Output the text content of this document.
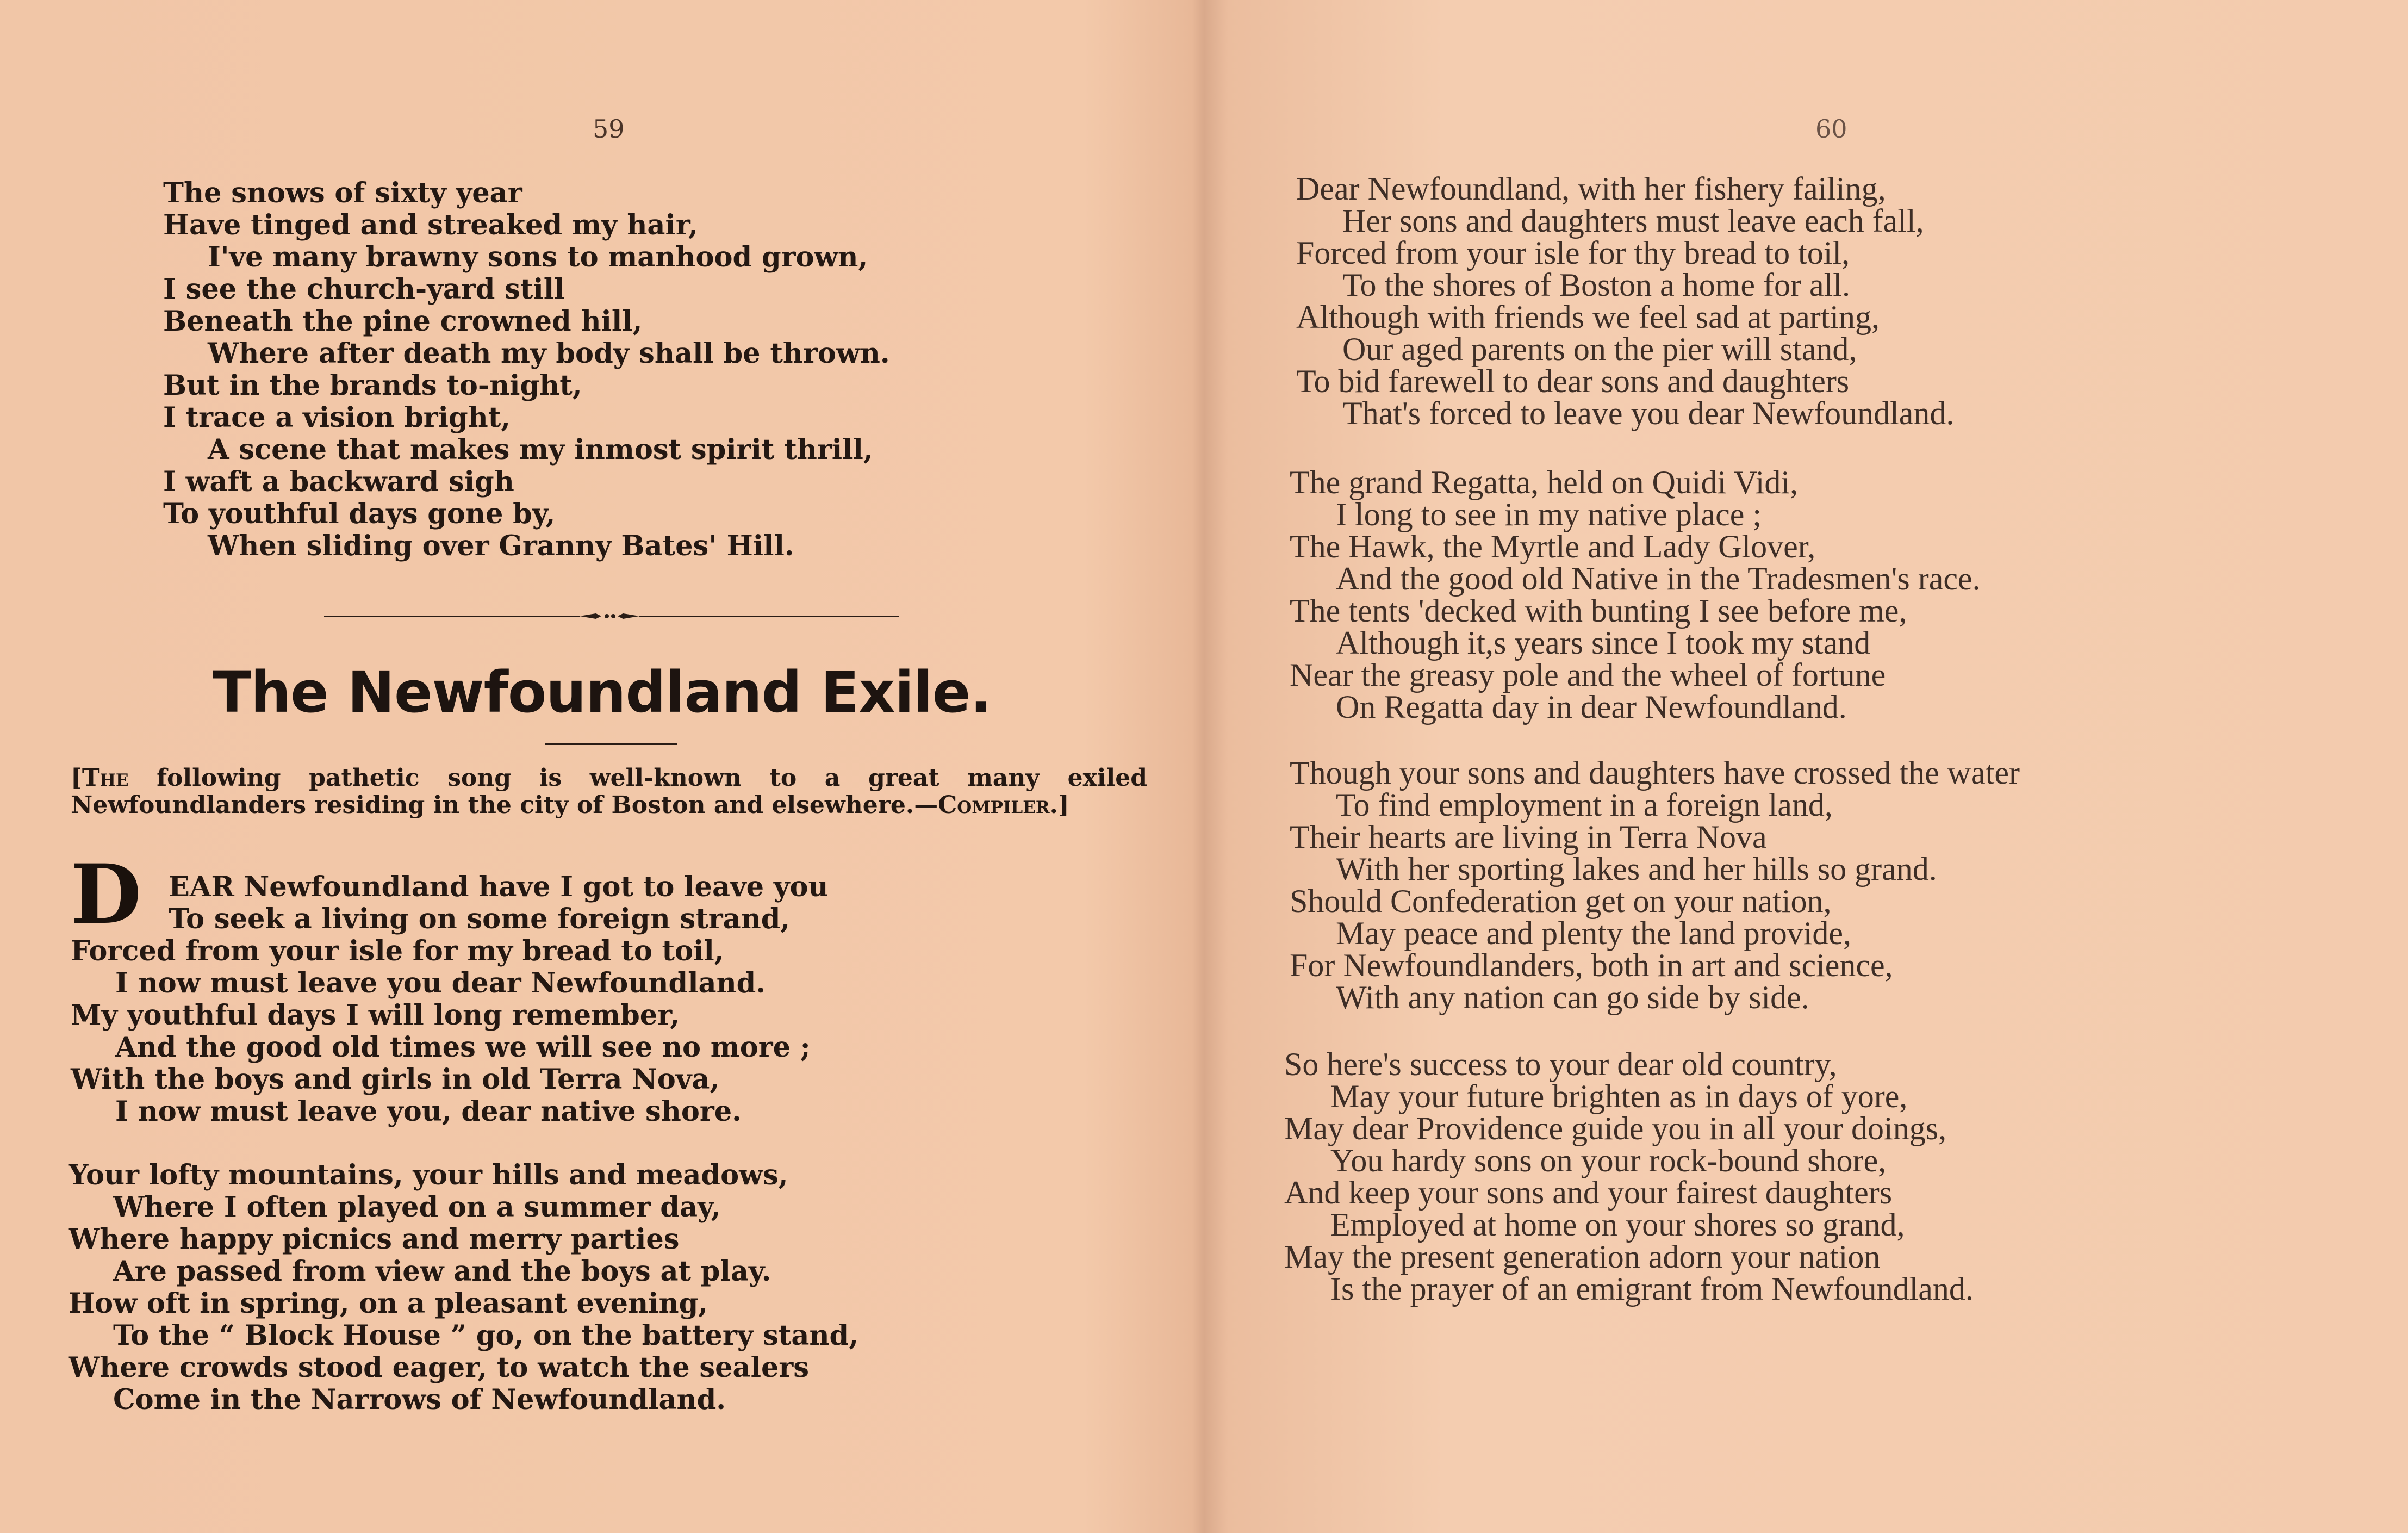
59
The snows of sixty year
Have tinged and streaked my hair,
I've many brawny sons to manhood grown,
I see the church-yard still
Beneath the pine crowned hill,
Where after death my body shall be thrown.
But in the brands to-night,
I trace a vision bright,
A scene that makes my inmost spirit thrill,
I waft a backward sigh
To youthful days gone by,
When sliding over Granny Bates' Hill.
The Newfoundland Exile.

[The following pathetic song is well-known to a great many exiled Newfoundlanders residing in the city of Boston and elsewhere.—Compiler.]

D EAR Newfoundland have I got to leave you
To seek a living on some foreign strand,
Forced from your isle for my bread to toil,
I now must leave you dear Newfoundland.
My youthful days I will long remember,
And the good old times we will see no more ;
With the boys and girls in old Terra Nova,
I now must leave you, dear native shore.
Your lofty mountains, your hills and meadows,
Where I often played on a summer day,
Where happy picnics and merry parties
Are passed from view and the boys at play.
How oft in spring, on a pleasant evening,
To the “ Block House ” go, on the battery stand,
Where crowds stood eager, to watch the sealers
Come in the Narrows of Newfoundland.
60
Dear Newfoundland, with her fishery failing,
Her sons and daughters must leave each fall,
Forced from your isle for thy bread to toil,
To the shores of Boston a home for all.
Although with friends we feel sad at parting,
Our aged parents on the pier will stand,
To bid farewell to dear sons and daughters
That's forced to leave you dear Newfoundland.
The grand Regatta, held on Quidi Vidi,
I long to see in my native place ;
The Hawk, the Myrtle and Lady Glover,
And the good old Native in the Tradesmen's race.
The tents 'decked with bunting I see before me,
Although it,s years since I took my stand
Near the greasy pole and the wheel of fortune
On Regatta day in dear Newfoundland.
Though your sons and daughters have crossed the water
To find employment in a foreign land,
Their hearts are living in Terra Nova
With her sporting lakes and her hills so grand.
Should Confederation get on your nation,
May peace and plenty the land provide,
For Newfoundlanders, both in art and science,
With any nation can go side by side.
So here's success to your dear old country,
May your future brighten as in days of yore,
May dear Providence guide you in all your doings,
You hardy sons on your rock-bound shore,
And keep your sons and your fairest daughters
Employed at home on your shores so grand,
May the present generation adorn your nation
Is the prayer of an emigrant from Newfoundland.
